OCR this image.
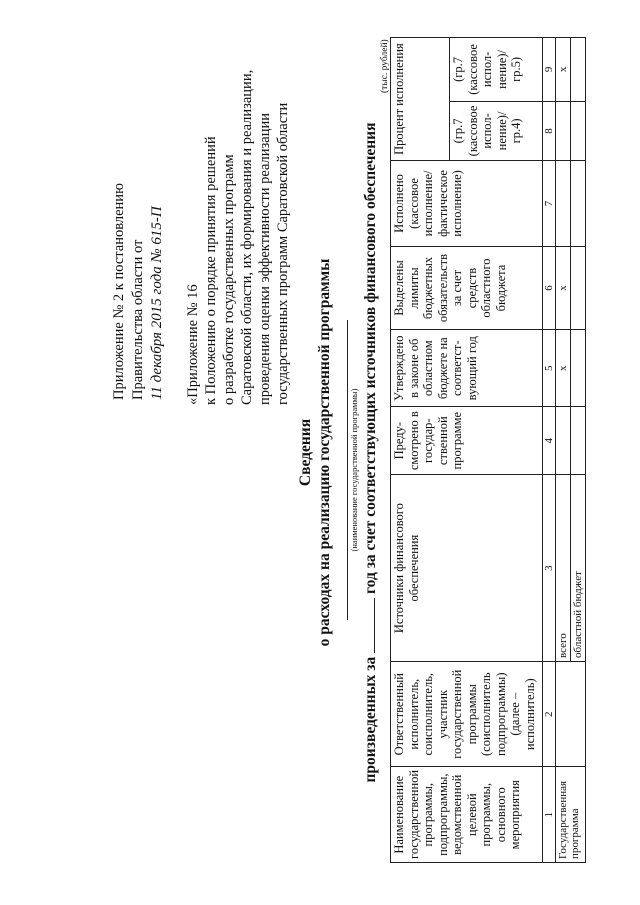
Приложение № 2 к постановлению Правительства области от 11 декабря 2015 года № 615-П «Приложение № 16 к Положению о порядке принятия решений о разработке государственных программ Саратовской области, их формирования и реализации, проведения оценки эффективности реализации государственных программ Саратовской области
Сведения о расходах на реализацию государственной программы (наименование государственной программы)
произведенных за  год за счет соответствующих источников финансового обеспечения
(тыс. рублей)
Наименование государственной программы, подпрограммы, ведомственной целевой программы, основного мероприятия	Ответственный исполнитель, соисполнитель, участник государственной программы (соисполнитель подпрограммы) (далее – исполнитель)	Источники финансового обеспечения	Преду-смотрено в государ-ственной программе	Утверждено в законе об областном бюджете на соответст-вующий год	Выделены лимиты бюджетных обязательств за счет средств областного бюджета	Исполнено (кассовое исполнение/ фактическое исполнение)	Процент исполнения	
							(гр.7 (кассовое испол-нение)/ гр.4)	(гр.7 (кассовое испол-нение)/ гр.5)
1	2	3	4	5	6	7	8	9
Государственная программа		всего		x	x			x
		областной бюджет						
